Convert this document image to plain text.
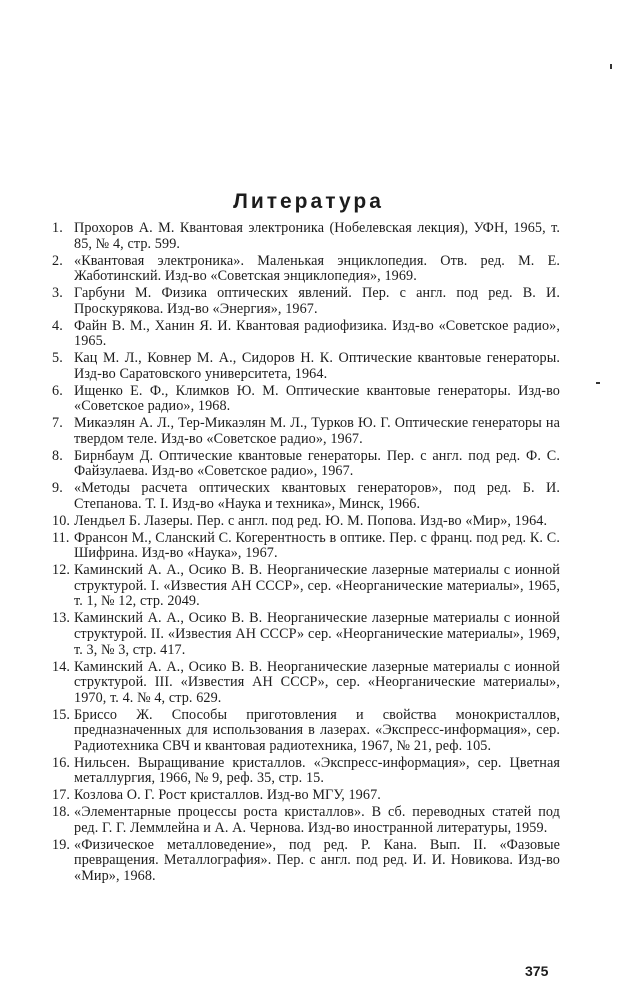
Литература
1. Прохоров А. М. Квантовая электроника (Нобелевская лекция), УФН, 1965, т. 85, № 4, стр. 599.
2. «Квантовая электроника». Маленькая энциклопедия. Отв. ред. М. Е. Жаботинский. Изд-во «Советская энциклопедия», 1969.
3. Гарбуни М. Физика оптических явлений. Пер. с англ. под ред. В. И. Проскурякова. Изд-во «Энергия», 1967.
4. Файн В. М., Ханин Я. И. Квантовая радиофизика. Изд-во «Советское радио», 1965.
5. Кац М. Л., Ковнер М. А., Сидоров Н. К. Оптические квантовые генераторы. Изд-во Саратовского университета, 1964.
6. Ищенко Е. Ф., Климков Ю. М. Оптические квантовые генераторы. Изд-во «Советское радио», 1968.
7. Микаэлян А. Л., Тер-Микаэлян М. Л., Турков Ю. Г. Оптические генераторы на твердом теле. Изд-во «Советское радио», 1967.
8. Бирнбаум Д. Оптические квантовые генераторы. Пер. с англ. под ред. Ф. С. Файзулаева. Изд-во «Советское радио», 1967.
9. «Методы расчета оптических квантовых генераторов», под ред. Б. И. Степанова. Т. I. Изд-во «Наука и техника», Минск, 1966.
10. Лендьел Б. Лазеры. Пер. с англ. под ред. Ю. М. Попова. Изд-во «Мир», 1964.
11. Франсон М., Сланский С. Когерентность в оптике. Пер. с франц. под ред. К. С. Шифрина. Изд-во «Наука», 1967.
12. Каминский А. А., Осико В. В. Неорганические лазерные материалы с ионной структурой. I. «Известия АН СССР», сер. «Неорганические материалы», 1965, т. 1, № 12, стр. 2049.
13. Каминский А. А., Осико В. В. Неорганические лазерные материалы с ионной структурой. II. «Известия АН СССР» сер. «Неорганические материалы», 1969, т. 3, № 3, стр. 417.
14. Каминский А. А., Осико В. В. Неорганические лазерные материалы с ионной структурой. III. «Известия АН СССР», сер. «Неорганические материалы», 1970, т. 4. № 4, стр. 629.
15. Бриссо Ж. Способы приготовления и свойства монокристаллов, предназначенных для использования в лазерах. «Экспресс-информация», сер. Радиотехника СВЧ и квантовая радиотехника, 1967, № 21, реф. 105.
16. Нильсен. Выращивание кристаллов. «Экспресс-информация», сер. Цветная металлургия, 1966, № 9, реф. 35, стр. 15.
17. Козлова О. Г. Рост кристаллов. Изд-во МГУ, 1967.
18. «Элементарные процессы роста кристаллов». В сб. переводных статей под ред. Г. Г. Леммлейна и А. А. Чернова. Изд-во иностранной литературы, 1959.
19. «Физическое металловедение», под ред. Р. Кана. Вып. II. «Фазовые превращения. Металлография». Пер. с англ. под ред. И. И. Новикова. Изд-во «Мир», 1968.
375
